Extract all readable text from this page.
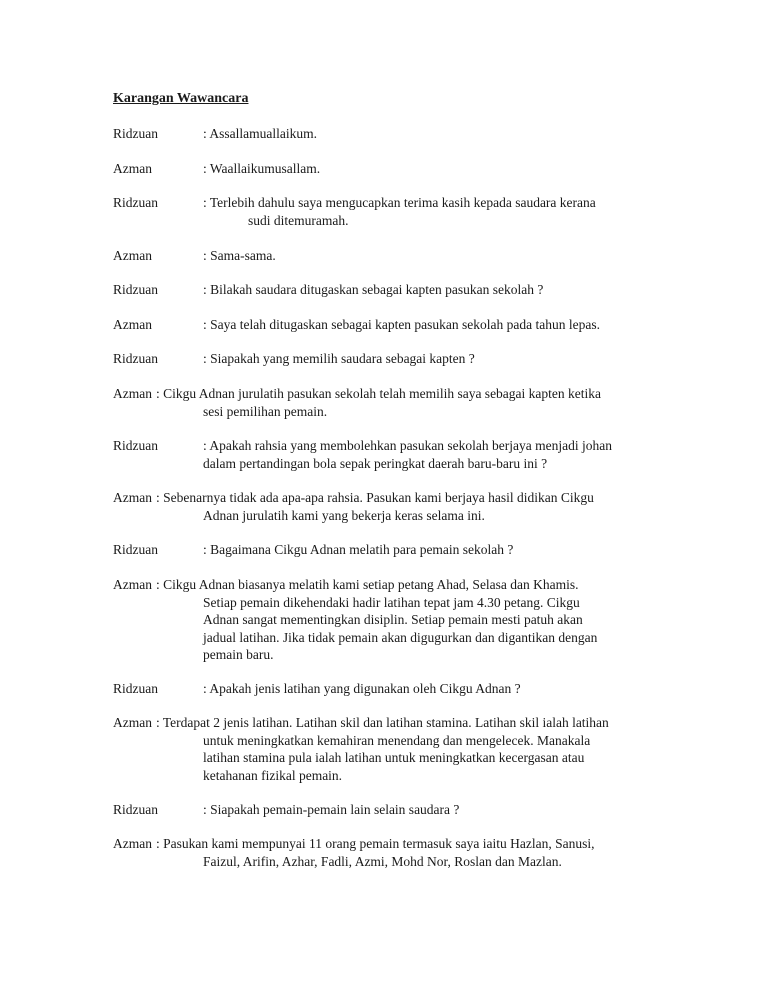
Karangan Wawancara
Ridzuan	: Assallamuallaikum.
Azman	: Waallaikumusallam.
Ridzuan	: Terlebih dahulu saya mengucapkan terima kasih kepada saudara kerana
sudi ditemuramah.
Azman	: Sama-sama.
Ridzuan	: Bilakah saudara ditugaskan sebagai kapten pasukan sekolah ?
Azman	: Saya telah ditugaskan sebagai kapten pasukan sekolah pada tahun lepas.
Ridzuan	: Siapakah yang memilih saudara sebagai kapten ?
Azman : Cikgu Adnan jurulatih pasukan sekolah telah memilih saya sebagai kapten ketika
sesi pemilihan pemain.
Ridzuan	: Apakah rahsia yang membolehkan pasukan sekolah berjaya menjadi johan
dalam pertandingan bola sepak peringkat daerah baru-baru ini ?
Azman : Sebenarnya tidak ada apa-apa rahsia. Pasukan kami berjaya hasil didikan Cikgu
Adnan jurulatih kami yang bekerja keras selama ini.
Ridzuan	: Bagaimana Cikgu Adnan melatih para pemain sekolah ?
Azman : Cikgu Adnan biasanya melatih kami setiap petang Ahad, Selasa dan Khamis.
Setiap pemain dikehendaki hadir latihan tepat jam 4.30 petang. Cikgu
Adnan sangat mementingkan disiplin. Setiap pemain mesti patuh akan
jadual latihan. Jika tidak pemain akan digugurkan dan digantikan dengan
pemain baru.
Ridzuan	: Apakah jenis latihan yang digunakan oleh Cikgu Adnan ?
Azman : Terdapat 2 jenis latihan. Latihan skil dan latihan stamina. Latihan skil ialah latihan
untuk meningkatkan kemahiran menendang dan mengelecek. Manakala
latihan stamina pula ialah latihan untuk meningkatkan kecergasan atau
ketahanan fizikal pemain.
Ridzuan	: Siapakah pemain-pemain lain selain saudara ?
Azman : Pasukan kami mempunyai 11 orang pemain termasuk saya iaitu Hazlan, Sanusi,
Faizul, Arifin, Azhar, Fadli, Azmi, Mohd Nor, Roslan dan Mazlan.
